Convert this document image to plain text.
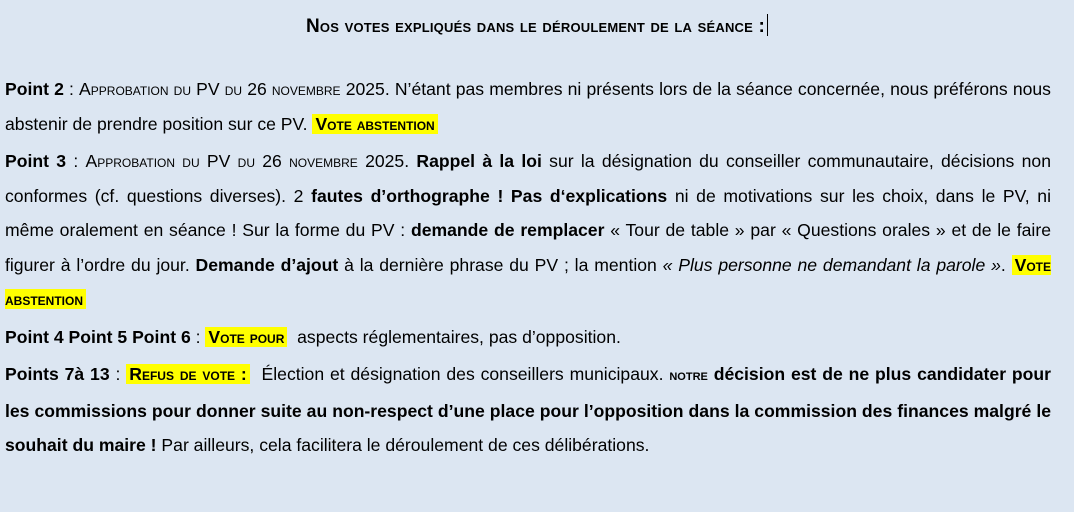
Nos votes expliqués dans le déroulement de la séance :

Point 2 : Approbation du PV du 26 novembre 2025. N’étant pas membres ni présents lors de la séance concernée, nous préférons nous abstenir de prendre position sur ce PV. Vote abstention

Point 3 : Approbation du PV du 26 novembre 2025. Rappel à la loi sur la désignation du conseiller communautaire, décisions non conformes (cf. questions diverses). 2 fautes d’orthographe ! Pas d‘explications ni de motivations sur les choix, dans le PV, ni même oralement en séance ! Sur la forme du PV : demande de remplacer « Tour de table » par « Questions orales » et de le faire figurer à l’ordre du jour. Demande d’ajout à la dernière phrase du PV ; la mention « Plus personne ne demandant la parole ». Vote abstention

Point 4 Point 5 Point 6 : Vote pour  aspects réglementaires, pas d’opposition.

Points 7à 13 : Refus de vote :  Élection et désignation des conseillers municipaux. notre décision est de ne plus candidater pour les commissions pour donner suite au non-respect d’une place pour l’opposition dans la commission des finances malgré le souhait du maire ! Par ailleurs, cela facilitera le déroulement de ces délibérations.
